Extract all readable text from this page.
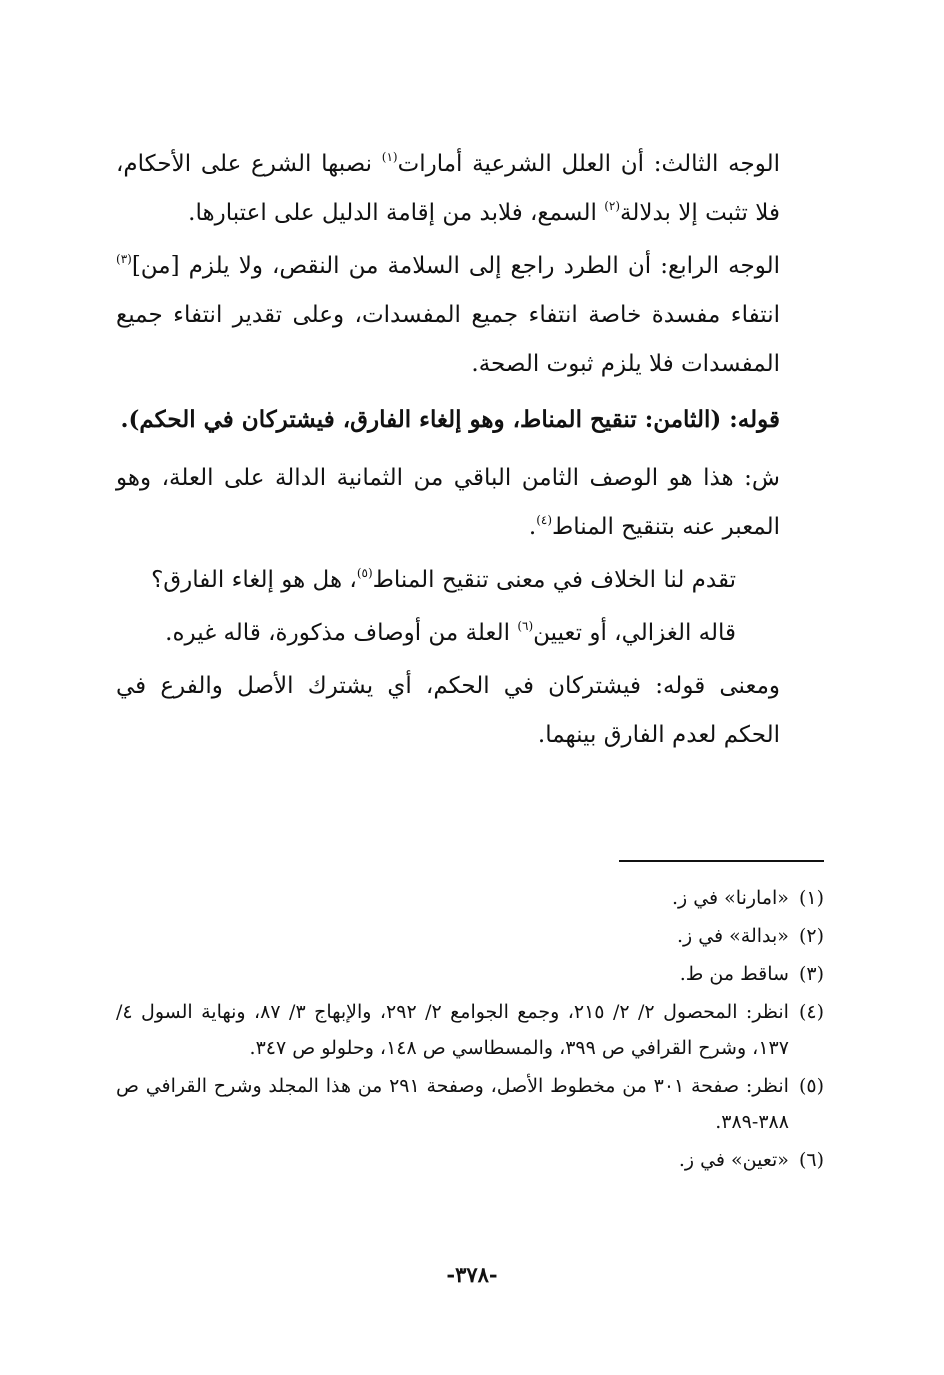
الوجه الثالث: أن العلل الشرعية أمارات$^{(١)}$ نصبها الشرع على الأحكام، فلا تثبت إلا بدلالة$^{(٢)}$ السمع، فلابد من إقامة الدليل على اعتبارها.

الوجه الرابع: أن الطرد راجع إلى السلامة من النقص، ولا يلزم [من]$^{(٣)}$ انتفاء مفسدة خاصة انتفاء جميع المفسدات، وعلى تقدير انتفاء جميع المفسدات فلا يلزم ثبوت الصحة.

قوله: (الثامن: تنقيح المناط، وهو إلغاء الفارق، فيشتركان في الحكم).

ش: هذا هو الوصف الثامن الباقي من الثمانية الدالة على العلة، وهو المعبر عنه بتنقيح المناط$^{(٤)}$.

تقدم لنا الخلاف في معنى تنقيح المناط$^{(٥)}$، هل هو إلغاء الفارق؟

قاله الغزالي، أو تعيين$^{(٦)}$ العلة من أوصاف مذكورة، قاله غيره.

ومعنى قوله: فيشتركان في الحكم، أي يشترك الأصل والفرع في الحكم لعدم الفارق بينهما.

(١)
«امارنا» في ز.
(٢)
«بدالة» في ز.
(٣)
ساقط من ط.
(٤)
انظر: المحصول ٢/ ٢/ ٢١٥، وجمع الجوامع ٢/ ٢٩٢، والإبهاج ٣/ ٨٧، ونهاية السول ٤/ ١٣٧، وشرح القرافي ص ٣٩٩، والمسطاسي ص ١٤٨، وحلولو ص ٣٤٧.
(٥)
انظر: صفحة ٣٠١ من مخطوط الأصل، وصفحة ٢٩١ من هذا المجلد وشرح القرافي ص ٣٨٨-٣٨٩.
(٦)
«تعين» في ز.
-٣٧٨-
